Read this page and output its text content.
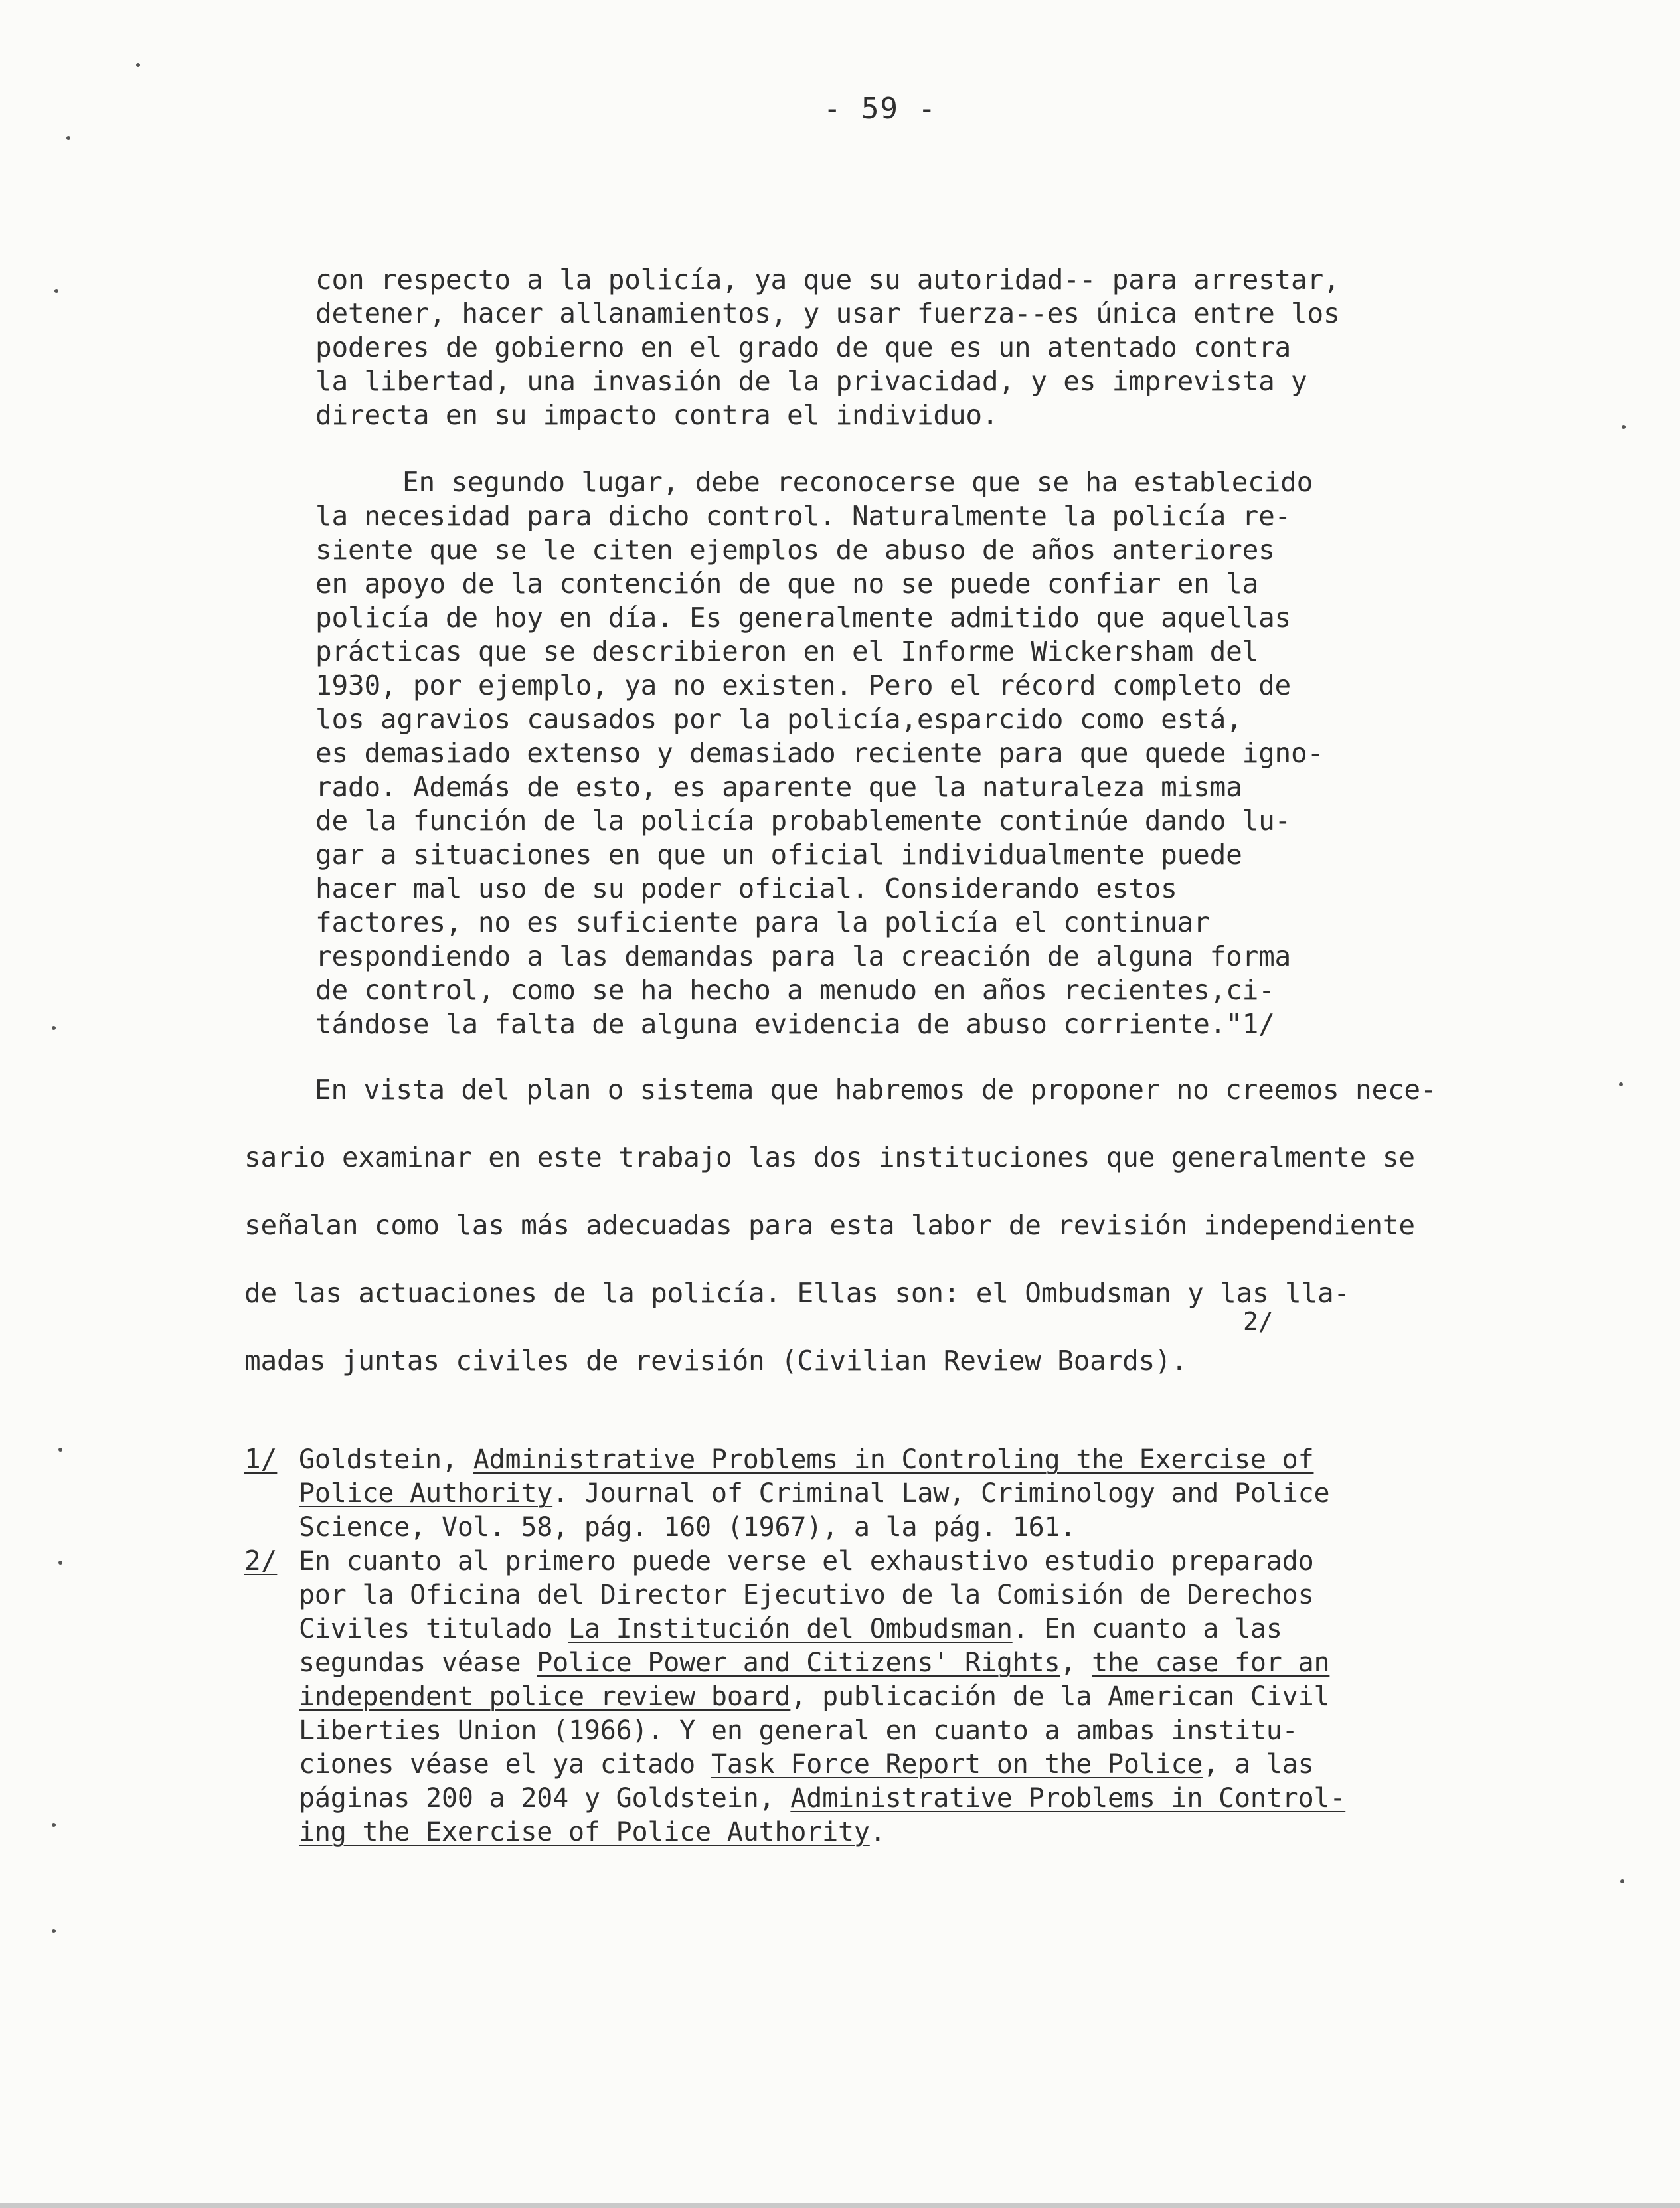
- 59 -
con respecto a la policía, ya que su autoridad-- para arrestar,
detener, hacer allanamientos, y usar fuerza--es única entre los
poderes de gobierno en el grado de que es un atentado contra
la libertad, una invasión de la privacidad, y es imprevista y
directa en su impacto contra el individuo.
En segundo lugar, debe reconocerse que se ha establecido
la necesidad para dicho control. Naturalmente la policía re-
siente que se le citen ejemplos de abuso de años anteriores
en apoyo de la contención de que no se puede confiar en la
policía de hoy en día. Es generalmente admitido que aquellas
prácticas que se describieron en el Informe Wickersham del
1930, por ejemplo, ya no existen. Pero el récord completo de
los agravios causados por la policía,esparcido como está,
es demasiado extenso y demasiado reciente para que quede igno-
rado. Además de esto, es aparente que la naturaleza misma
de la función de la policía probablemente continúe dando lu-
gar a situaciones en que un oficial individualmente puede
hacer mal uso de su poder oficial. Considerando estos
factores, no es suficiente para la policía el continuar
respondiendo a las demandas para la creación de alguna forma
de control, como se ha hecho a menudo en años recientes,ci-
tándose la falta de alguna evidencia de abuso corriente."1/
En vista del plan o sistema que habremos de proponer no creemos nece-
sario examinar en este trabajo las dos instituciones que generalmente se
señalan como las más adecuadas para esta labor de revisión independiente
de las actuaciones de la policía. Ellas son: el Ombudsman y las lla-
2/
madas juntas civiles de revisión (Civilian Review Boards).
1/ Goldstein, Administrative Problems in Controling the Exercise of
Police Authority. Journal of Criminal Law, Criminology and Police
Science, Vol. 58, pág. 160 (1967), a la pág. 161.
2/ En cuanto al primero puede verse el exhaustivo estudio preparado
por la Oficina del Director Ejecutivo de la Comisión de Derechos
Civiles titulado La Institución del Ombudsman. En cuanto a las
segundas véase Police Power and Citizens' Rights, the case for an
independent police review board, publicación de la American Civil
Liberties Union (1966). Y en general en cuanto a ambas institu-
ciones véase el ya citado Task Force Report on the Police, a las
páginas 200 a 204 y Goldstein, Administrative Problems in Control-
ing the Exercise of Police Authority.
